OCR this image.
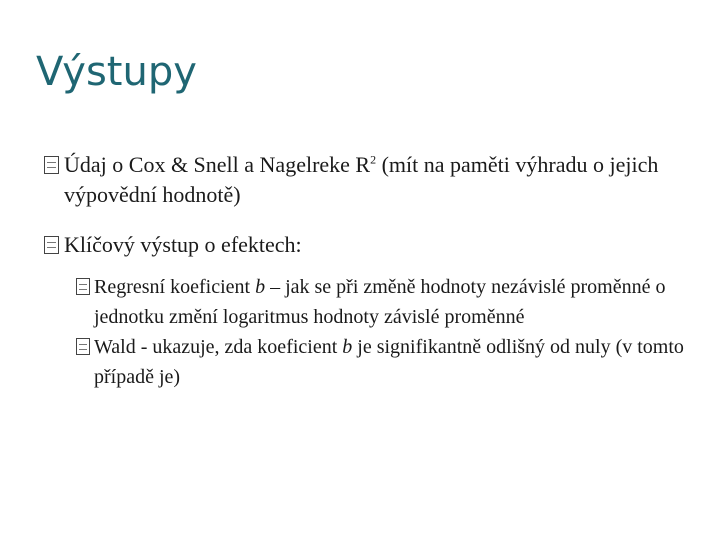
Výstupy
Údaj o Cox & Snell a Nagelreke $R^2$ (mít na paměti výhradu o jejich výpovědní hodnotě)
Klíčový výstup o efektech:
Regresní koeficient b – jak se při změně hodnoty nezávislé proměnné o jednotku změní logaritmus hodnoty závislé proměnné
Wald - ukazuje, zda koeficient b je signifikantně odlišný od nuly (v tomto případě je)
